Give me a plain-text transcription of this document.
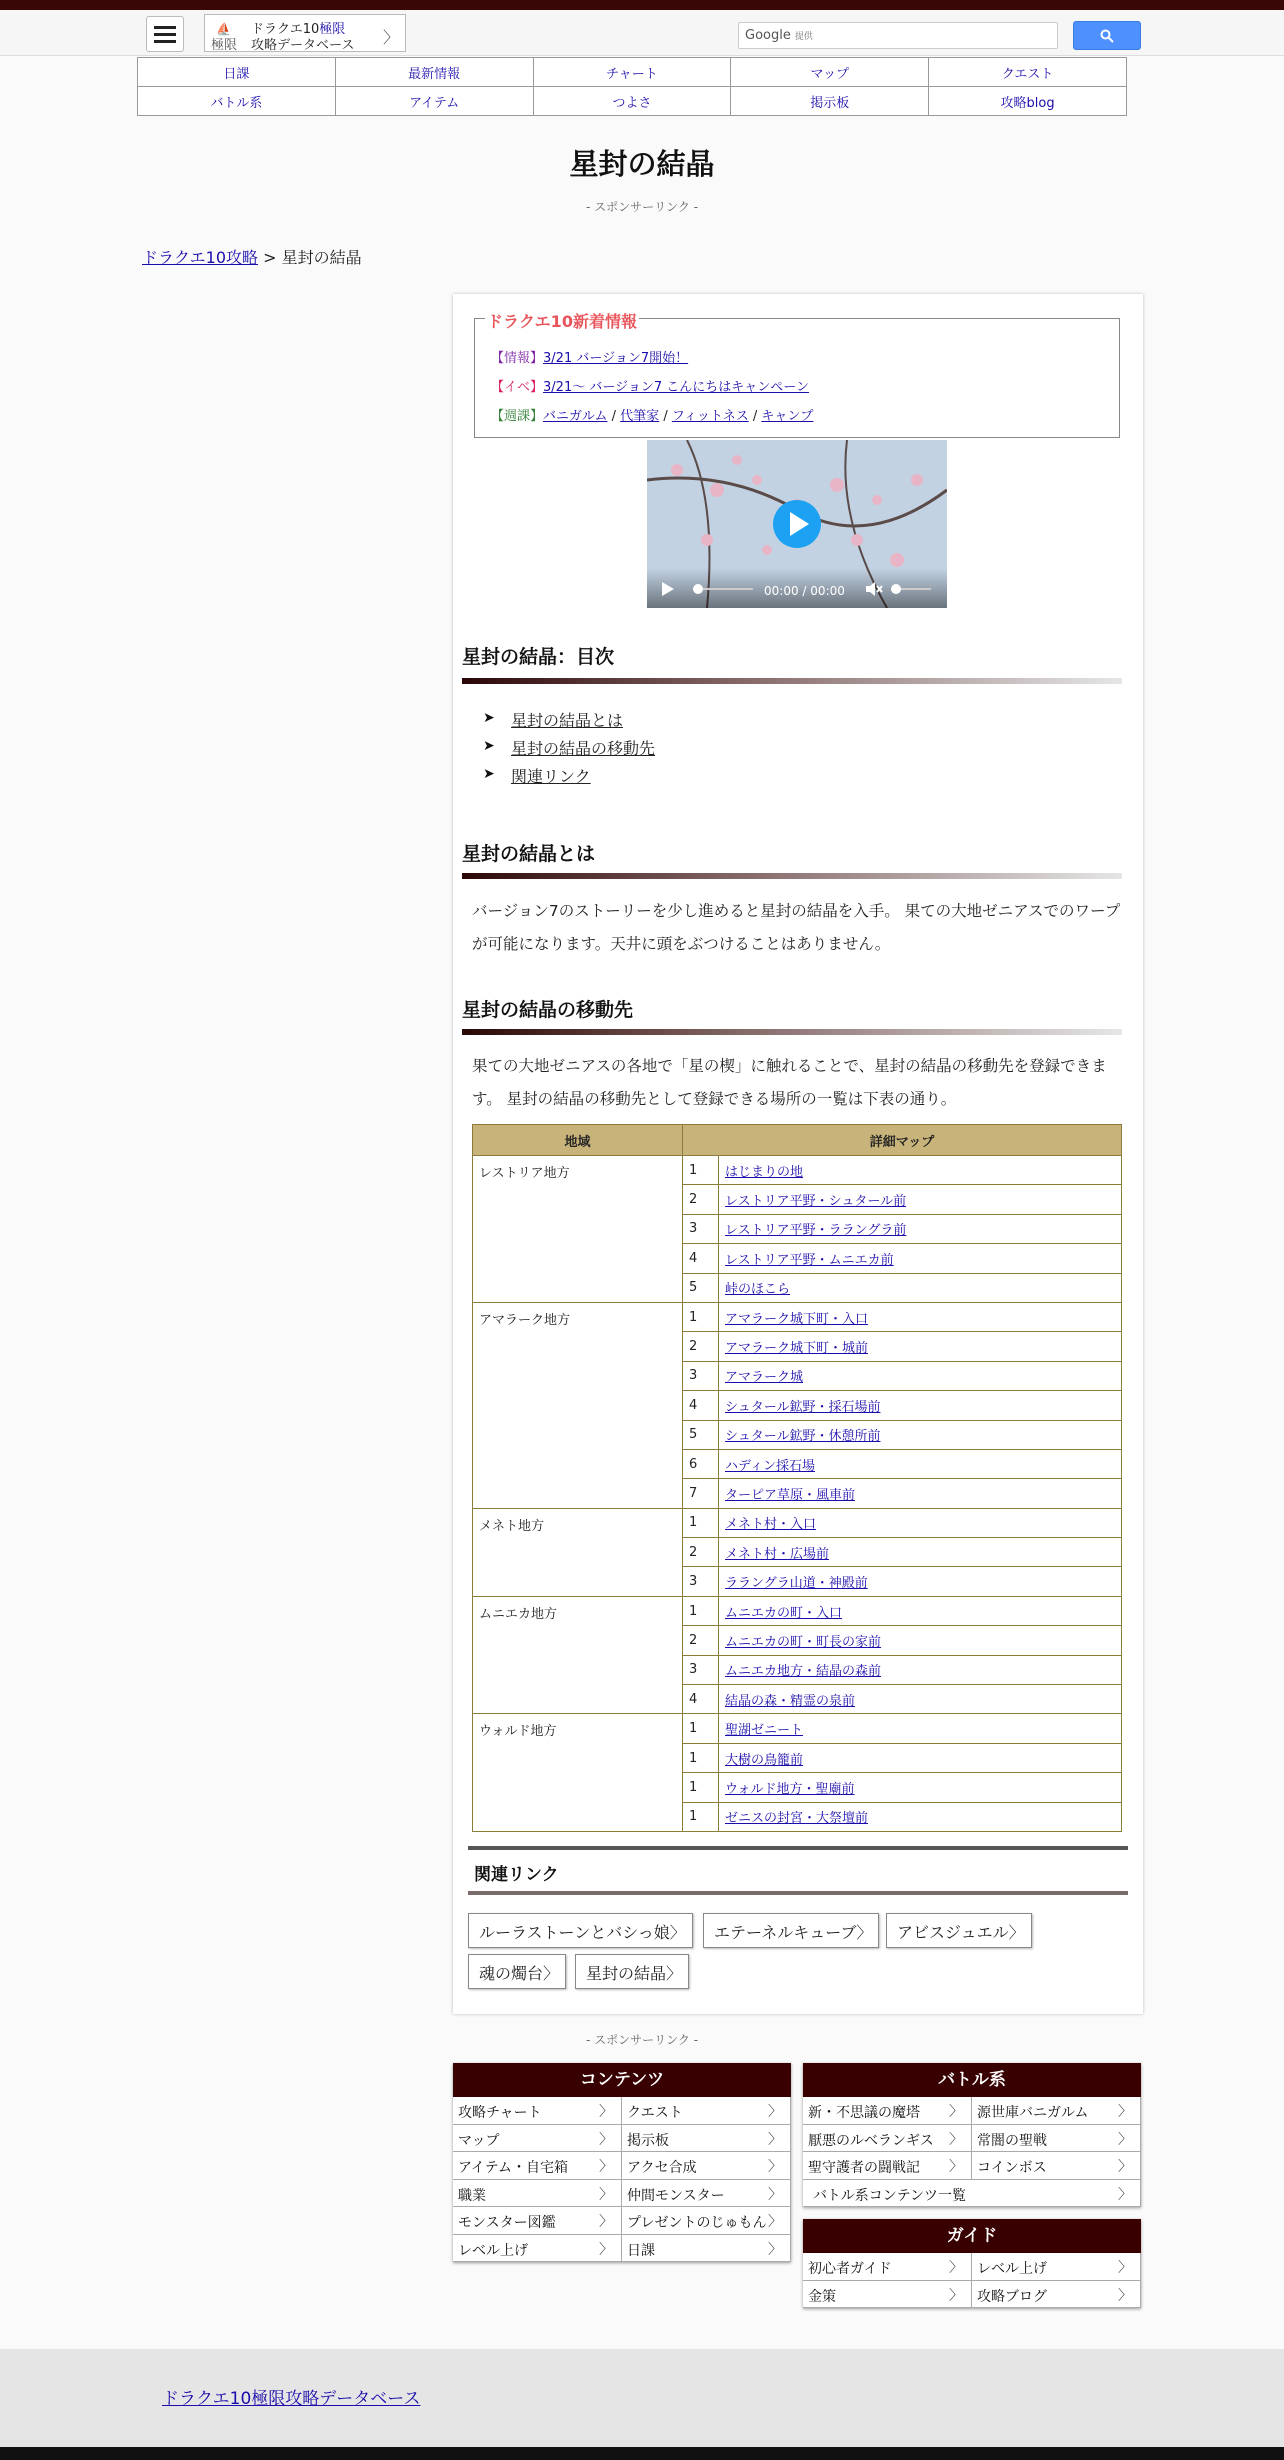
⛵
極限
ドラクエ10極限
攻略データベース 〉	Google 提供
日課	最新情報	チャート	マップ	クエスト
バトル系	アイテム	つよさ	掲示板	攻略blog
星封の結晶
- スポンサーリンク -
ドラクエ10攻略 > 星封の結晶
ドラクエ10新着情報
【情報】3/21 バージョン7開始！
【イベ】3/21～ バージョン7 こんにちはキャンペーン
【週課】バニガルム / 代筆家 / フィットネス / キャンプ
00:00 / 00:00
星封の結晶：目次
➤ 星封の結晶とは
➤ 星封の結晶の移動先
➤ 関連リンク
星封の結晶とは
バージョン7のストーリーを少し進めると星封の結晶を入手。 果ての大地ゼニアスでのワープが可能になります。天井に頭をぶつけることはありません。
星封の結晶の移動先
果ての大地ゼニアスの各地で「星の楔」に触れることで、星封の結晶の移動先を登録できます。 星封の結晶の移動先として登録できる場所の一覧は下表の通り。
地域	詳細マップ	
レストリア地方	1	はじまりの地
	2	レストリア平野・シュタール前
	3	レストリア平野・ララングラ前
	4	レストリア平野・ムニエカ前
	5	峠のほこら
アマラーク地方	1	アマラーク城下町・入口
	2	アマラーク城下町・城前
	3	アマラーク城
	4	シュタール鉱野・採石場前
	5	シュタール鉱野・休憩所前
	6	ハディン採石場
	7	ターピア草原・風車前
メネト地方	1	メネト村・入口
	2	メネト村・広場前
	3	ララングラ山道・神殿前
ムニエカ地方	1	ムニエカの町・入口
	2	ムニエカの町・町長の家前
	3	ムニエカ地方・結晶の森前
	4	結晶の森・精霊の泉前
ウォルド地方	1	聖湖ゼニート
	1	大樹の鳥籠前
	1	ウォルド地方・聖廟前
	1	ゼニスの封宮・大祭壇前
関連リンク
ルーラストーンとバシっ娘 〉	エテーネルキューブ 〉	アビスジュエル 〉
魂の燭台 〉	星封の結晶 〉
- スポンサーリンク -
コンテンツ
攻略チャート	〉	クエスト	〉
マップ	〉	掲示板	〉
アイテム・自宅箱 〉	アクセ合成	〉
職業	〉	仲間モンスター	〉
モンスター図鑑	〉	プレゼントのじゅもん 〉
レベル上げ	〉	日課	〉
バトル系
新・不思議の魔塔 〉	源世庫バニガルム 〉
厭悪のルベランギス 〉	常闇の聖戦	〉
聖守護者の闘戦記 〉	コインボス	〉
バトル系コンテンツ一覧	〉
ガイド
初心者ガイド	〉	レベル上げ	〉
金策	〉	攻略ブログ	〉
ドラクエ10極限攻略データベース
